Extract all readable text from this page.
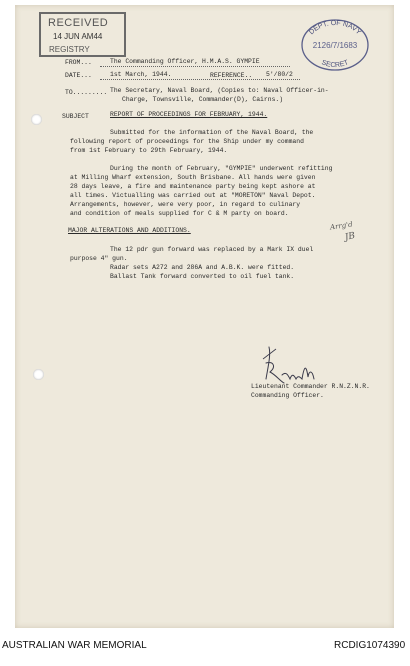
RECEIVED
14 JUN AM44
REGISTRY
DEPT. OF NAVY
2126/7/1683
SECRET
FROM...	The Commanding Officer, H.M.A.S. GYMPIE
DATE...	1st March, 1944.	REFERENCE.. 5'/80/2
TO......... The Secretary, Naval Board, (Copies to: Naval Officer-in-
Charge, Townsville, Commander(D), Cairns.)
SUBJECT	REPORT OF PROCEEDINGS FOR FEBRUARY, 1944.
Submitted for the information of the Naval Board, the
following report of proceedings for the Ship under my command
from 1st February to 29th February, 1944.
During the month of February, "GYMPIE" underwent refitting
at Milling Wharf extension, South Brisbane. All hands were given
28 days leave, a fire and maintenance party being kept ashore at
all times. Victualling was carried out at "MORETON" Naval Depot.
Arrangements, however, were very poor, in regard to culinary
and condition of meals supplied for C & M party on board.
Arrg'd
JB
MAJOR ALTERATIONS AND ADDITIONS.
The 12 pdr gun forward was replaced by a Mark IX duel
purpose 4" gun.
Radar sets A272 and 286A and A.B.K. were fitted.
Ballast Tank forward converted to oil fuel tank.
Lieutenant Commander R.N.Z.N.R.
Commanding Officer.
AUSTRALIAN WAR MEMORIAL	RCDIG1074390
